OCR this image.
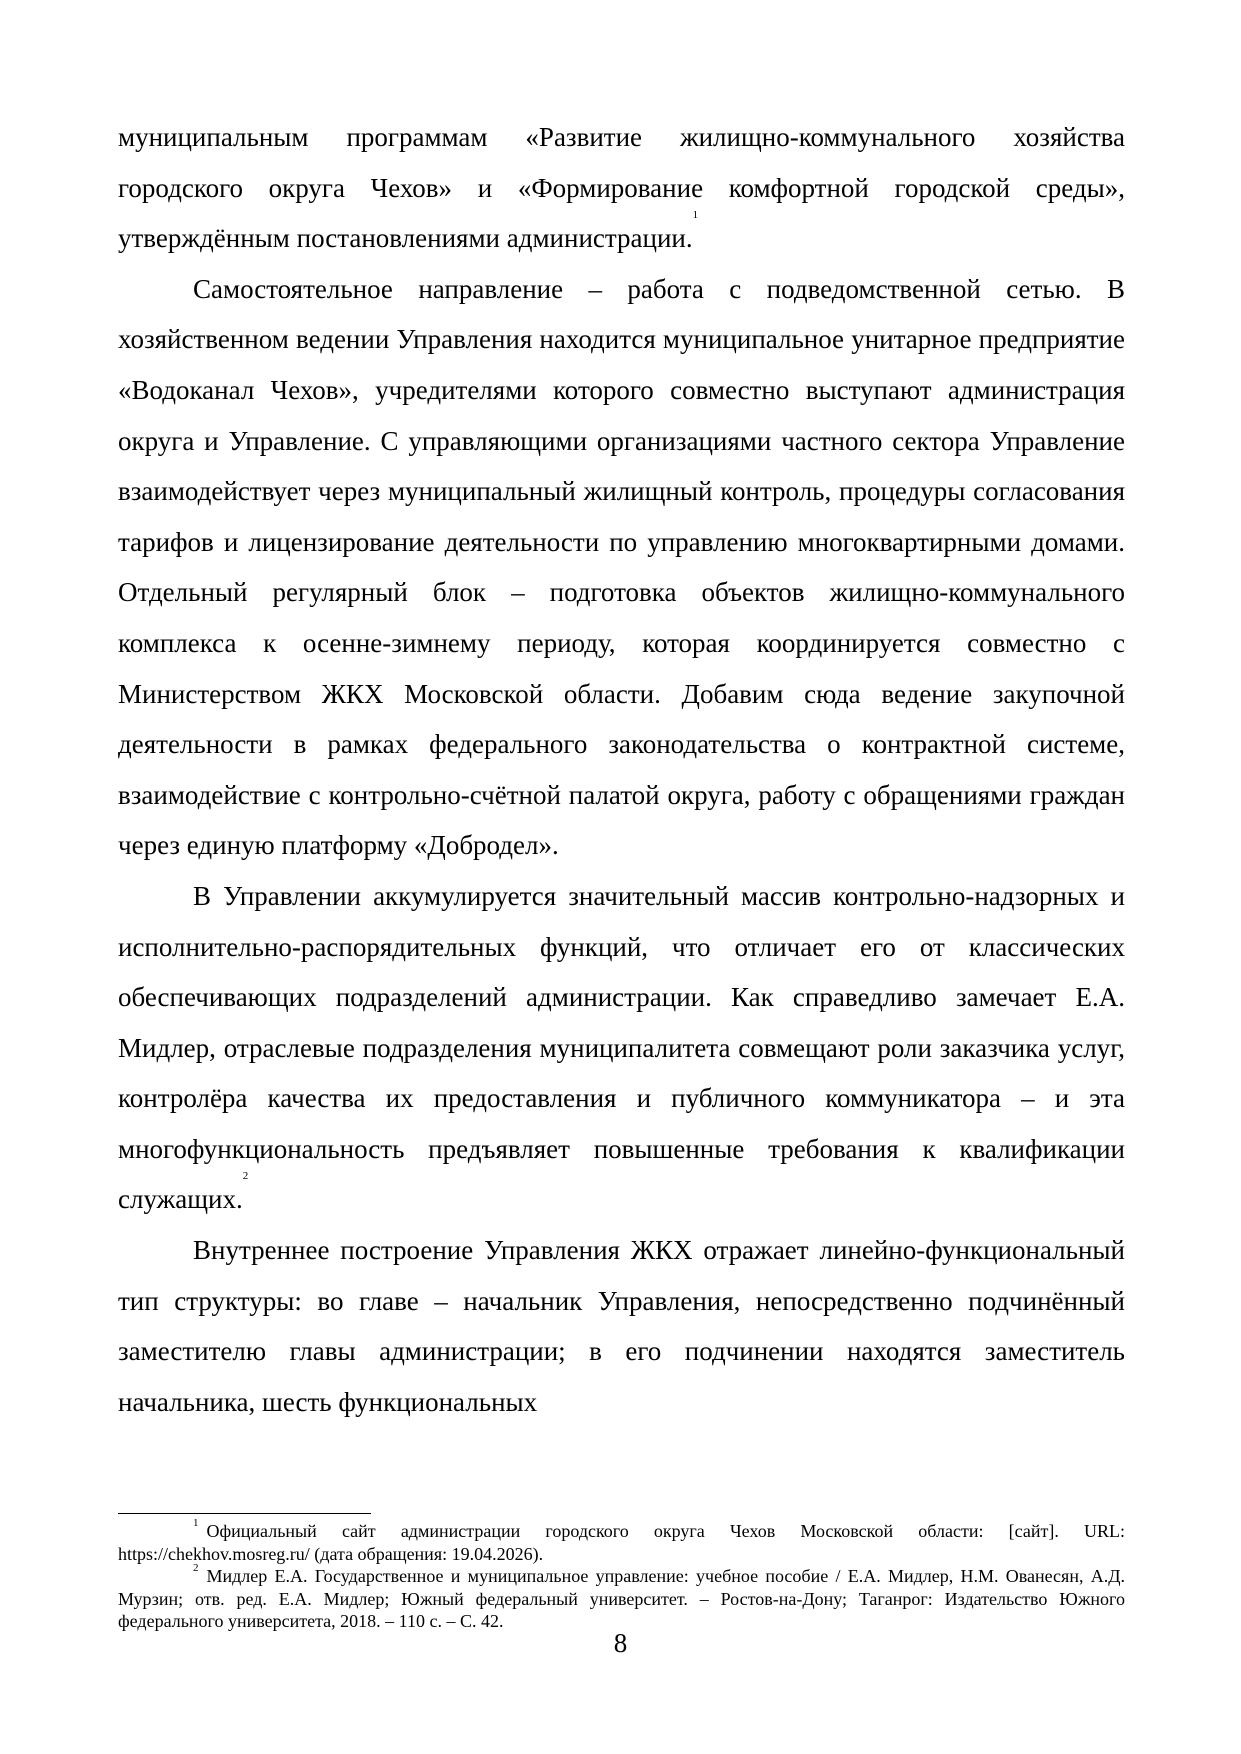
муниципальным программам «Развитие жилищно-коммунального хозяйства городского округа Чехов» и «Формирование комфортной городской среды», утверждённым постановлениями администрации.$^1$

Самостоятельное направление – работа с подведомственной сетью. В хозяйственном ведении Управления находится муниципальное унитарное предприятие «Водоканал Чехов», учредителями которого совместно выступают администрация округа и Управление. С управляющими организациями частного сектора Управление взаимодействует через муниципальный жилищный контроль, процедуры согласования тарифов и лицензирование деятельности по управлению многоквартирными домами. Отдельный регулярный блок – подготовка объектов жилищно-коммунального комплекса к осенне-зимнему периоду, которая координируется совместно с Министерством ЖКХ Московской области. Добавим сюда ведение закупочной деятельности в рамках федерального законодательства о контрактной системе, взаимодействие с контрольно-счётной палатой округа, работу с обращениями граждан через единую платформу «Добродел».

В Управлении аккумулируется значительный массив контрольно-надзорных и исполнительно-распорядительных функций, что отличает его от классических обеспечивающих подразделений администрации. Как справедливо замечает Е.А. Мидлер, отраслевые подразделения муниципалитета совмещают роли заказчика услуг, контролёра качества их предоставления и публичного коммуникатора – и эта многофункциональность предъявляет повышенные требования к квалификации служащих.$^2$

Внутреннее построение Управления ЖКХ отражает линейно-функциональный тип структуры: во главе – начальник Управления, непосредственно подчинённый заместителю главы администрации; в его подчинении находятся заместитель начальника, шесть функциональных

$^1$ Официальный сайт администрации городского округа Чехов Московской области: [сайт]. URL: https://chekhov.mosreg.ru/ (дата обращения: 19.04.2026).

$^2$ Мидлер Е.А. Государственное и муниципальное управление: учебное пособие / Е.А. Мидлер, Н.М. Ованесян, А.Д. Мурзин; отв. ред. Е.А. Мидлер; Южный федеральный университет. – Ростов-на-Дону; Таганрог: Издательство Южного федерального университета, 2018. – 110 с. – С. 42.

8
